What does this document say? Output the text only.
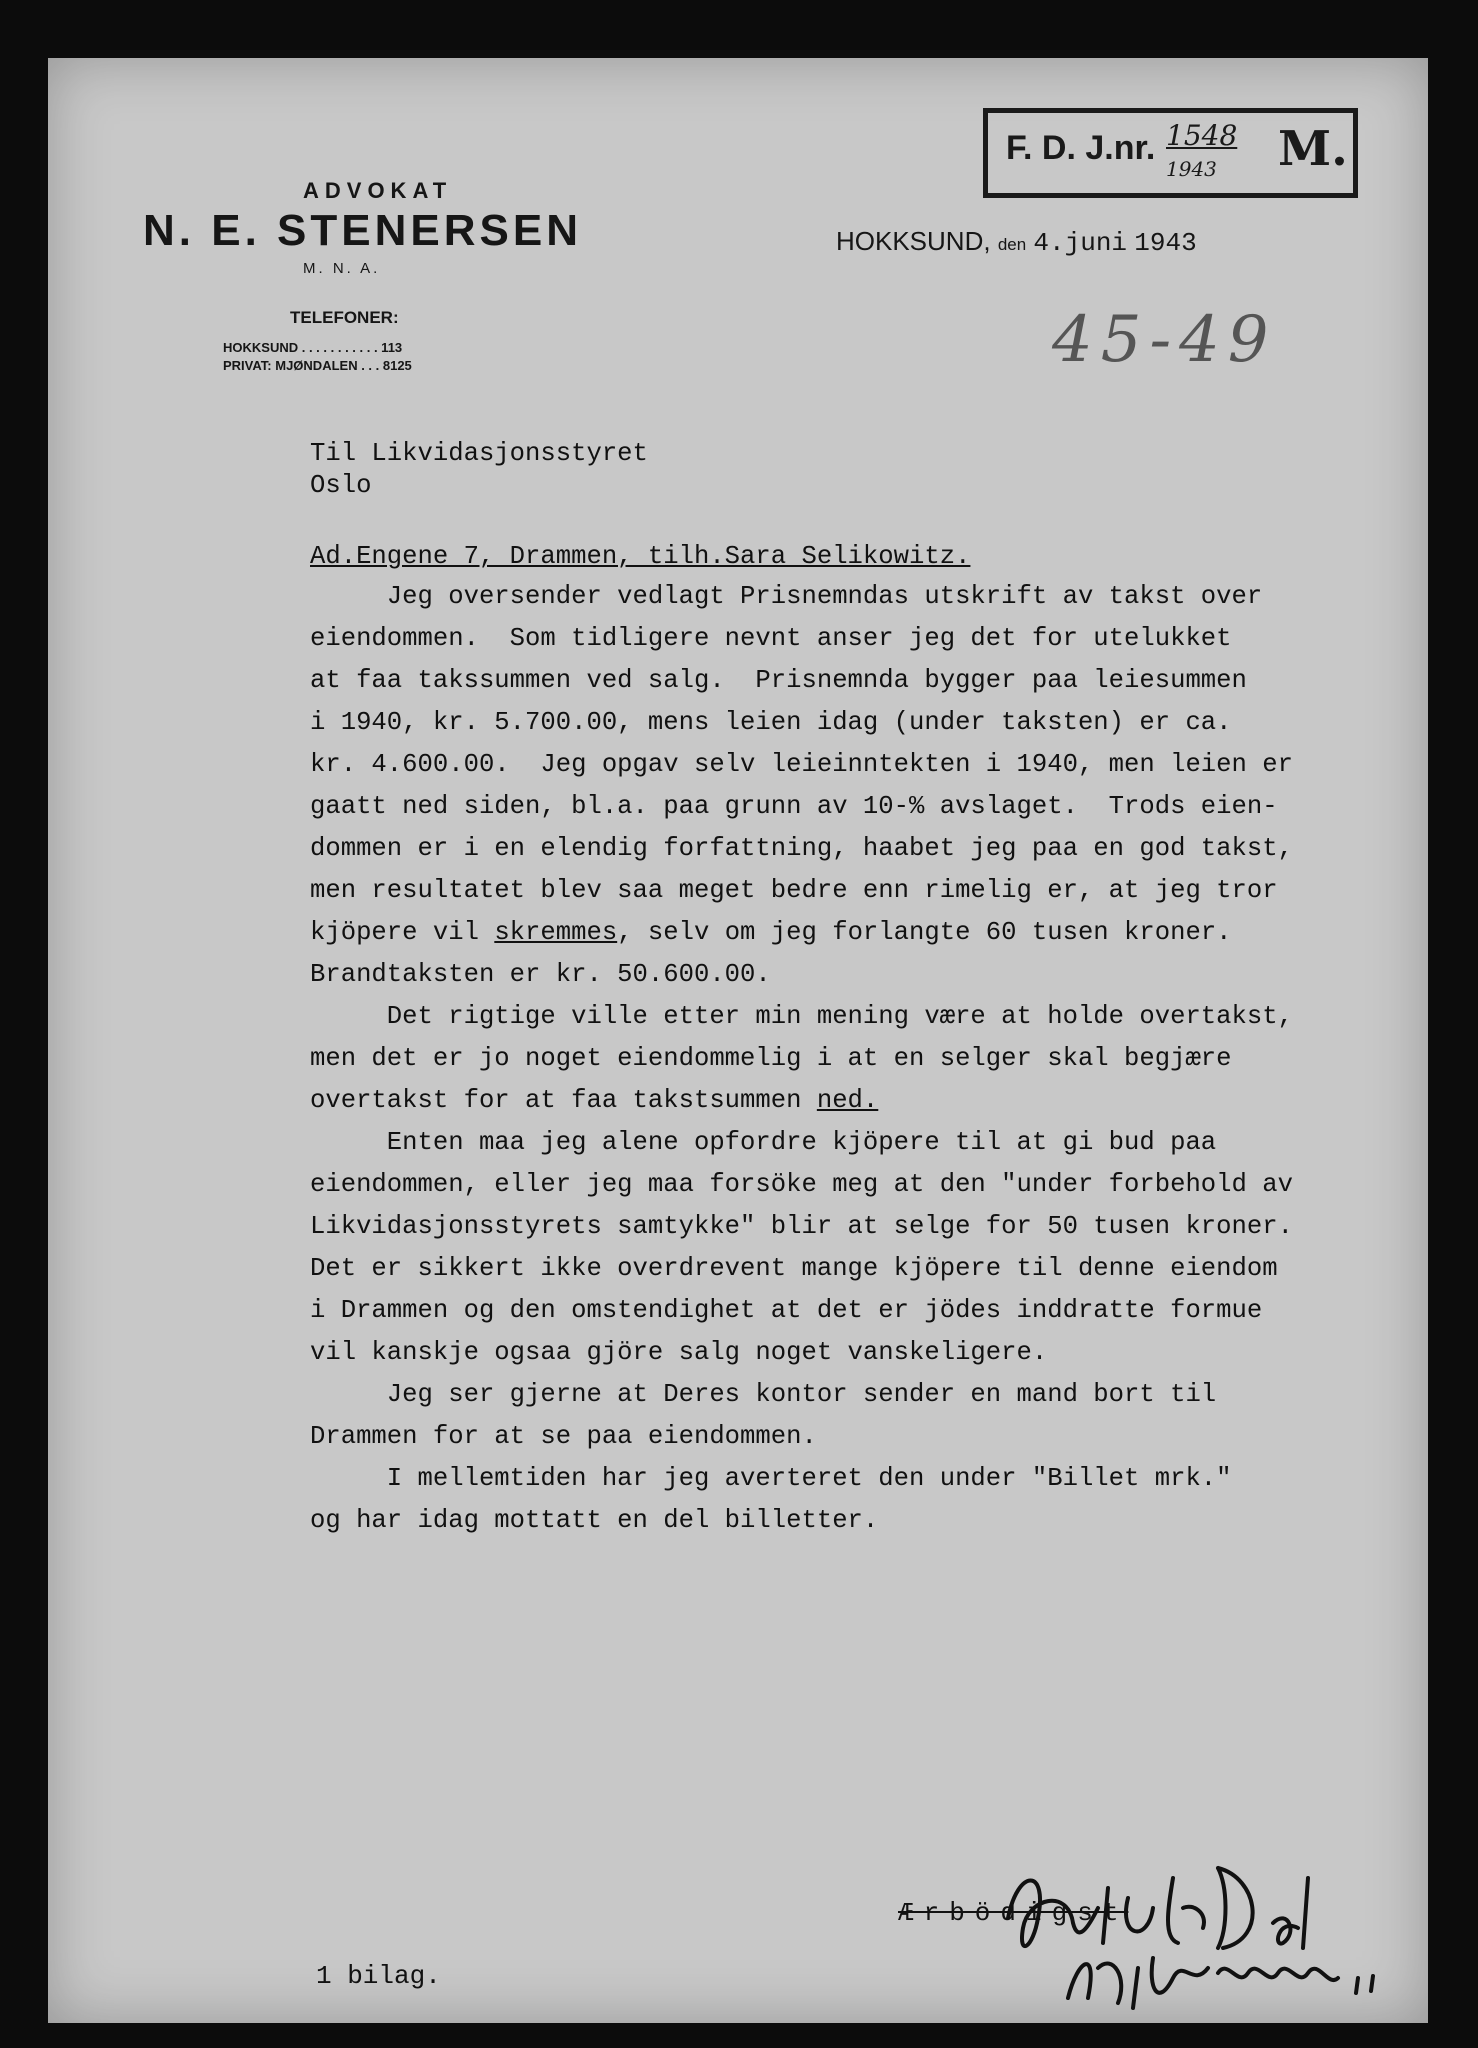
F. D. J.nr. 1548
1943 M.
ADVOKAT
N. E. STENERSEN
M. N. A.
TELEFONER:
HOKKSUND . . . . . . . . . . . 113
PRIVAT: MJØNDALEN . . . 8125
HOKKSUND, den 4.juni 1943
45-49
Til Likvidasjonsstyret
Oslo
Ad.Engene 7, Drammen, tilh.Sara Selikowitz.
Jeg oversender vedlagt Prisnemndas utskrift av takst over
eiendommen.  Som tidligere nevnt anser jeg det for utelukket
at faa takssummen ved salg.  Prisnemnda bygger paa leiesummen
i 1940, kr. 5.700.00, mens leien idag (under taksten) er ca.
kr. 4.600.00.  Jeg opgav selv leieinntekten i 1940, men leien er
gaatt ned siden, bl.a. paa grunn av 10-% avslaget.  Trods eien-
dommen er i en elendig forfattning, haabet jeg paa en god takst,
men resultatet blev saa meget bedre enn rimelig er, at jeg tror
kjöpere vil skremmes, selv om jeg forlangte 60 tusen kroner.
Brandtaksten er kr. 50.600.00.
Det rigtige ville etter min mening være at holde overtakst,
men det er jo noget eiendommelig i at en selger skal begjære
overtakst for at faa takstsummen ned.
Enten maa jeg alene opfordre kjöpere til at gi bud paa
eiendommen, eller jeg maa forsöke meg at den "under forbehold av
Likvidasjonsstyrets samtykke" blir at selge for 50 tusen kroner.
Det er sikkert ikke overdrevent mange kjöpere til denne eiendom
i Drammen og den omstendighet at det er jödes inddratte formue
vil kanskje ogsaa gjöre salg noget vanskeligere.
Jeg ser gjerne at Deres kontor sender en mand bort til
Drammen for at se paa eiendommen.
I mellemtiden har jeg averteret den under "Billet mrk."
og har idag mottatt en del billetter.
Ærbödigst
1 bilag.
